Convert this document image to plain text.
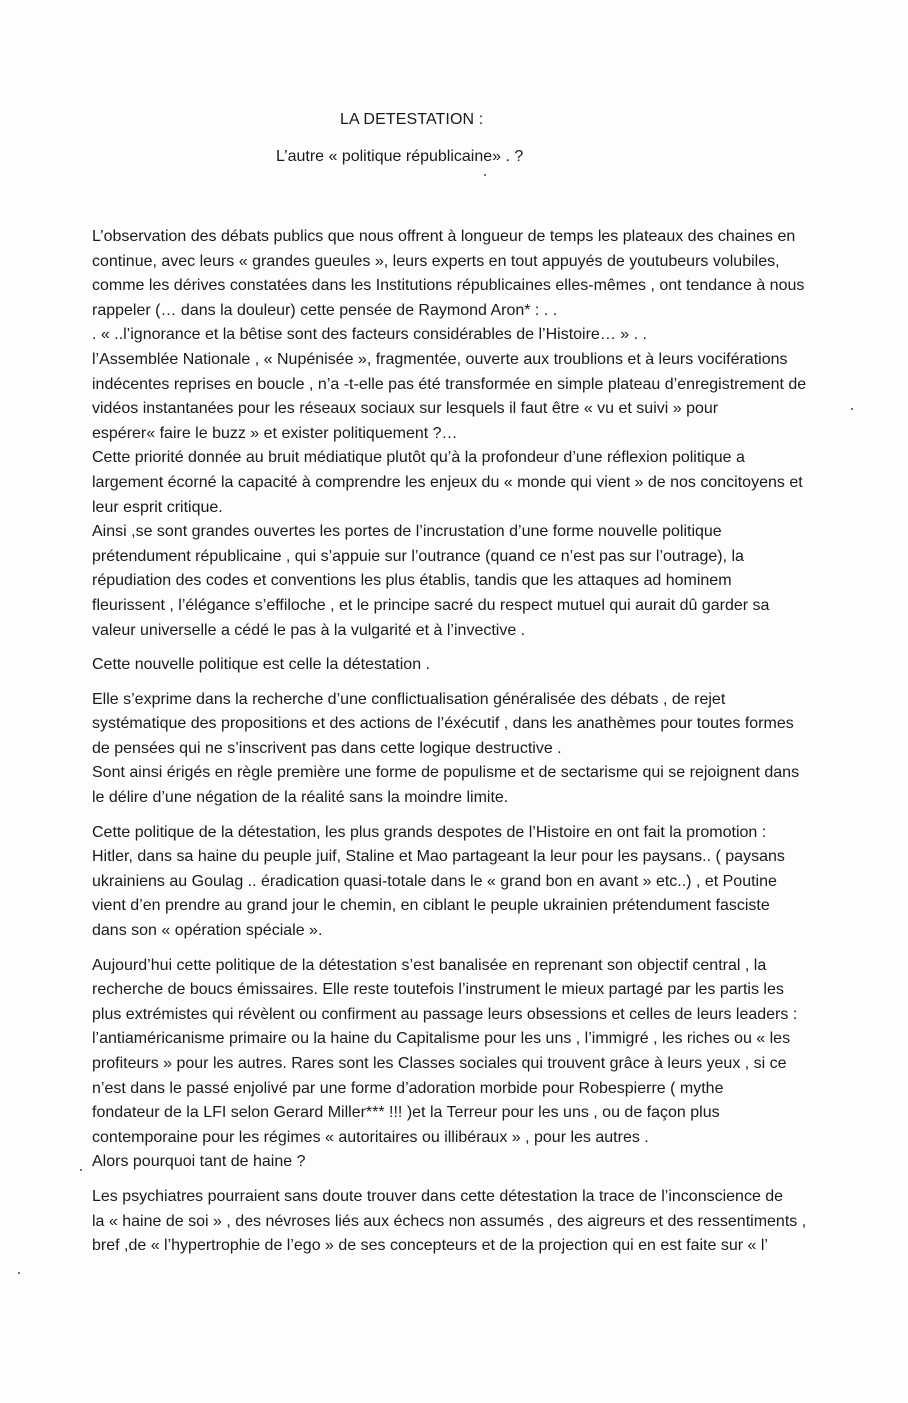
LA DETESTATION :
L’autre « politique républicaine» . ?
L’observation des débats publics que nous offrent à longueur de temps les plateaux des chaines en
continue, avec leurs « grandes gueules », leurs experts en tout appuyés de youtubeurs volubiles,
comme les dérives constatées dans les Institutions républicaines elles-mêmes , ont tendance à nous
rappeler (… dans la douleur) cette pensée de Raymond Aron* : . .
. « ..l’ignorance et la bêtise sont des facteurs considérables de l’Histoire… » . .
l’Assemblée Nationale , « Nupénisée », fragmentée, ouverte aux troublions et à leurs vociférations
indécentes reprises en boucle , n’a -t-elle pas été transformée en simple plateau d’enregistrement de
vidéos instantanées pour les réseaux sociaux sur lesquels il faut être « vu et suivi » pour
espérer« faire le buzz » et exister politiquement ?…
Cette priorité donnée au bruit médiatique plutôt qu’à la profondeur d’une réflexion politique a
largement écorné la capacité à comprendre les enjeux du « monde qui vient » de nos concitoyens et
leur esprit critique.
Ainsi ,se sont grandes ouvertes les portes de l’incrustation d’une forme nouvelle politique
prétendument républicaine , qui s’appuie sur l’outrance (quand ce n’est pas sur l’outrage), la
répudiation des codes et conventions les plus établis, tandis que les attaques ad hominem
fleurissent , l’élégance s’effiloche , et le principe sacré du respect mutuel qui aurait dû garder sa
valeur universelle a cédé le pas à la vulgarité et à l’invective .
Cette nouvelle politique est celle la détestation .
Elle s’exprime dans la recherche d’une conflictualisation généralisée des débats , de rejet
systématique des propositions et des actions de l’éxécutif , dans les anathèmes pour toutes formes
de pensées qui ne s’inscrivent pas dans cette logique destructive .
Sont ainsi érigés en règle première une forme de populisme et de sectarisme qui se rejoignent dans
le délire d’une négation de la réalité sans la moindre limite.
Cette politique de la détestation, les plus grands despotes de l’Histoire en ont fait la promotion :
Hitler, dans sa haine du peuple juif, Staline et Mao partageant la leur pour les paysans.. ( paysans
ukrainiens au Goulag .. éradication quasi-totale dans le « grand bon en avant » etc..) , et Poutine
vient d’en prendre au grand jour le chemin, en ciblant le peuple ukrainien prétendument fasciste
dans son « opération spéciale ».
Aujourd’hui cette politique de la détestation s’est banalisée en reprenant son objectif central , la
recherche de boucs émissaires. Elle reste toutefois l’instrument le mieux partagé par les partis les
plus extrémistes qui révèlent ou confirment au passage leurs obsessions et celles de leurs leaders :
l’antiaméricanisme primaire ou la haine du Capitalisme pour les uns , l’immigré , les riches ou « les
profiteurs » pour les autres. Rares sont les Classes sociales qui trouvent grâce à leurs yeux , si ce
n’est dans le passé enjolivé par une forme d’adoration morbide pour Robespierre ( mythe
fondateur de la LFI selon Gerard Miller*** !!! )et la Terreur pour les uns , ou de façon plus
contemporaine pour les régimes « autoritaires ou illibéraux » , pour les autres .
Alors pourquoi tant de haine ?
Les psychiatres pourraient sans doute trouver dans cette détestation la trace de l’inconscience de
la « haine de soi » , des névroses liés aux échecs non assumés , des aigreurs et des ressentiments ,
bref ,de « l’hypertrophie de l’ego » de ses concepteurs et de la projection qui en est faite sur « l’
